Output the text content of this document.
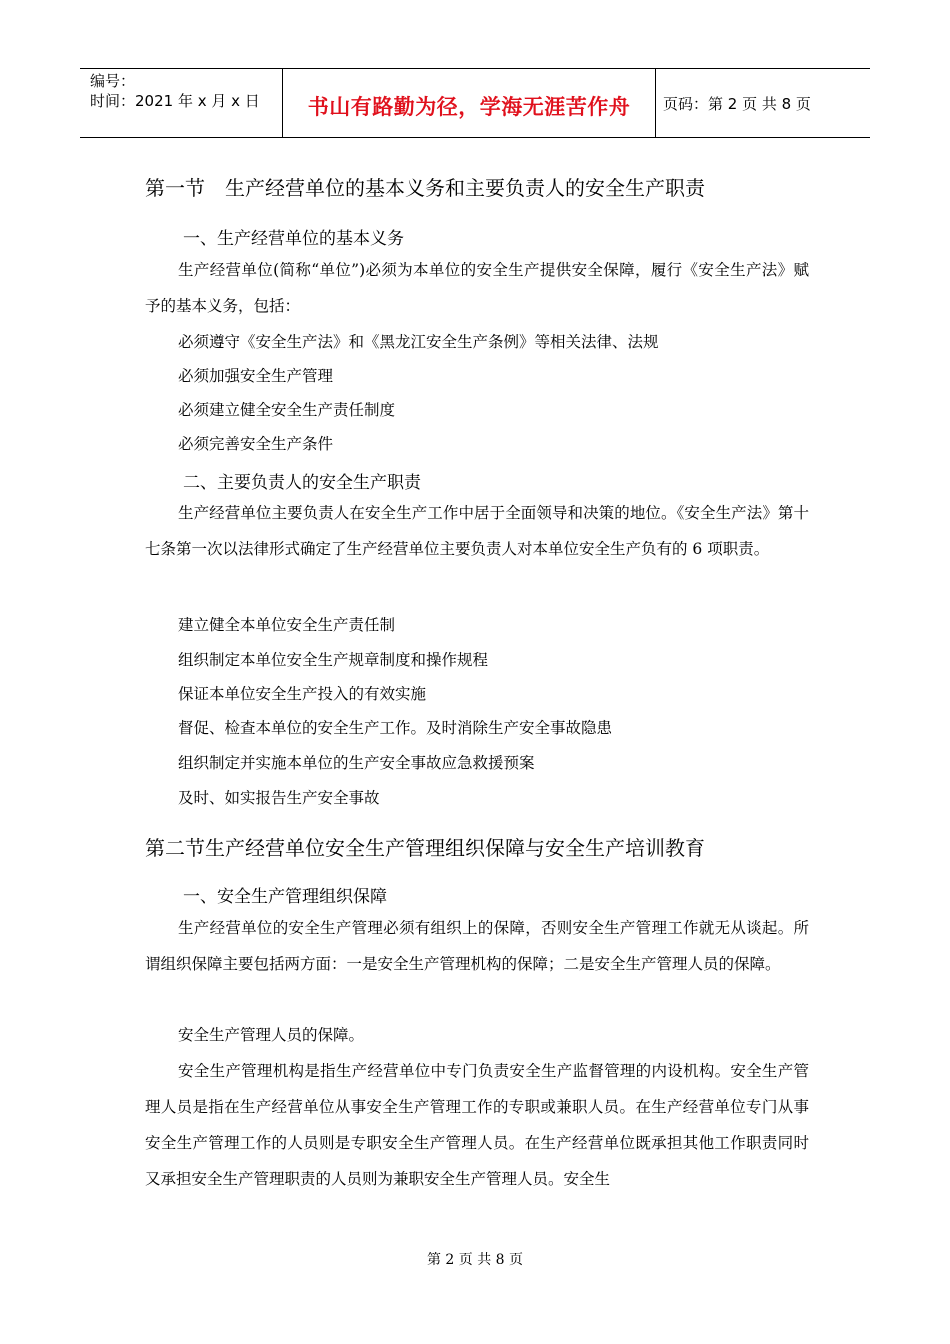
编号：
时间：2021 年 x 月 x 日	书山有路勤为径，学海无涯苦作舟	页码：第 2 页 共 8 页
第一节　生产经营单位的基本义务和主要负责人的安全生产职责
一、生产经营单位的基本义务
生产经营单位(简称“单位”)必须为本单位的安全生产提供安全保障，履行《安全生产法》赋予的基本义务，包括：
必须遵守《安全生产法》和《黑龙江安全生产条例》等相关法律、法规
必须加强安全生产管理
必须建立健全安全生产责任制度
必须完善安全生产条件
二、主要负责人的安全生产职责
生产经营单位主要负责人在安全生产工作中居于全面领导和决策的地位。《安全生产法》第十七条第一次以法律形式确定了生产经营单位主要负责人对本单位安全生产负有的 6 项职责。
建立健全本单位安全生产责任制
组织制定本单位安全生产规章制度和操作规程
保证本单位安全生产投入的有效实施
督促、检查本单位的安全生产工作。及时消除生产安全事故隐患
组织制定并实施本单位的生产安全事故应急救援预案
及时、如实报告生产安全事故
第二节生产经营单位安全生产管理组织保障与安全生产培训教育
一、安全生产管理组织保障
生产经营单位的安全生产管理必须有组织上的保障，否则安全生产管理工作就无从谈起。所谓组织保障主要包括两方面：一是安全生产管理机构的保障；二是安全生产管理人员的保障。
安全生产管理人员的保障。
安全生产管理机构是指生产经营单位中专门负责安全生产监督管理的内设机构。安全生产管理人员是指在生产经营单位从事安全生产管理工作的专职或兼职人员。在生产经营单位专门从事安全生产管理工作的人员则是专职安全生产管理人员。在生产经营单位既承担其他工作职责同时又承担安全生产管理职责的人员则为兼职安全生产管理人员。安全生
第 2 页 共 8 页
